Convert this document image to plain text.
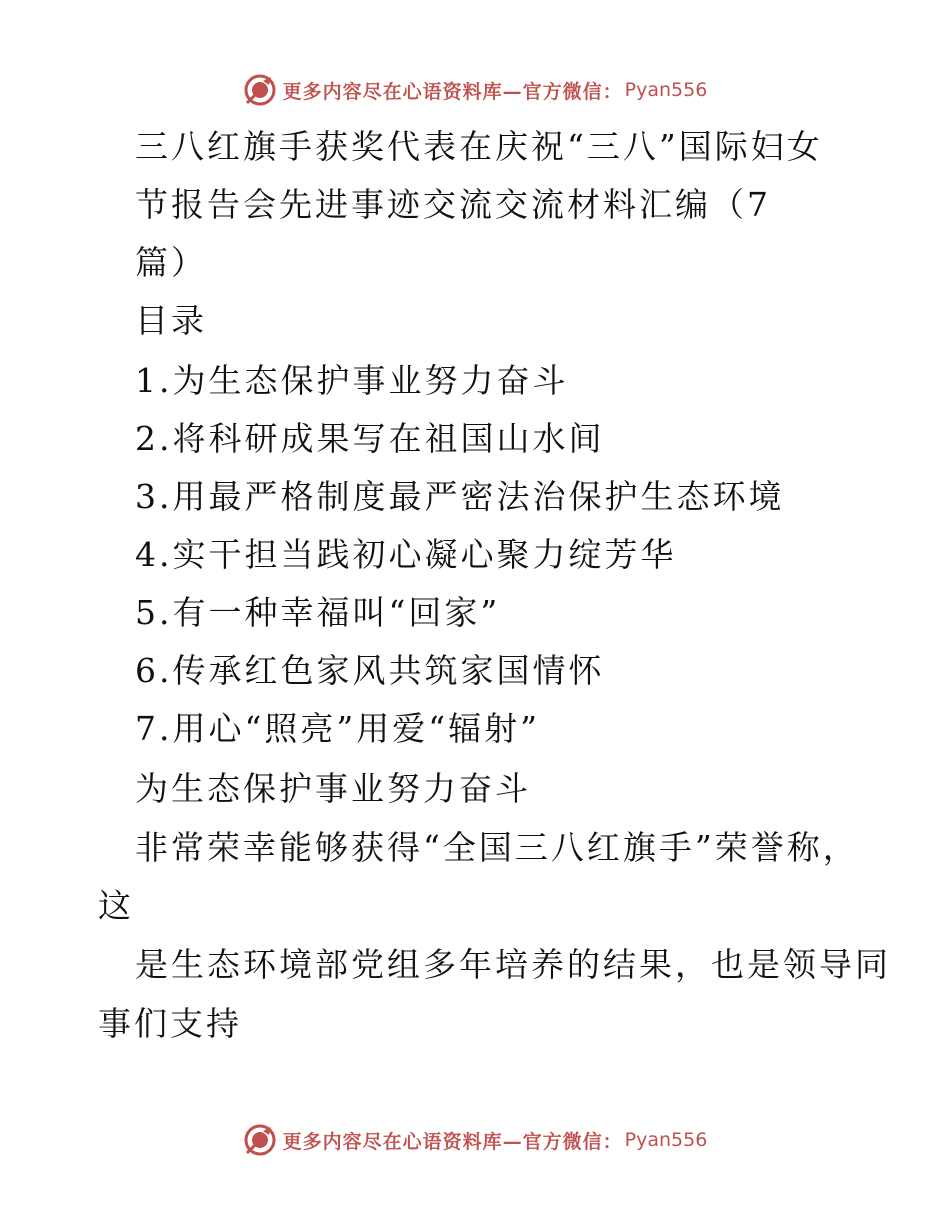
更多内容尽在心语资料库—官方微信： Pyan556
三八红旗手获奖代表在庆祝“三八”国际妇女
节报告会先进事迹交流交流材料汇编（7
篇）
目录
1.为生态保护事业努力奋斗
2.将科研成果写在祖国山水间
3.用最严格制度最严密法治保护生态环境
4.实干担当践初心凝心聚力绽芳华
5.有一种幸福叫“回家”
6.传承红色家风共筑家国情怀
7.用心“照亮”用爱“辐射”
为生态保护事业努力奋斗
非常荣幸能够获得“全国三八红旗手”荣誉称，
这
是生态环境部党组多年培养的结果，也是领导同
事们支持
更多内容尽在心语资料库—官方微信： Pyan556
